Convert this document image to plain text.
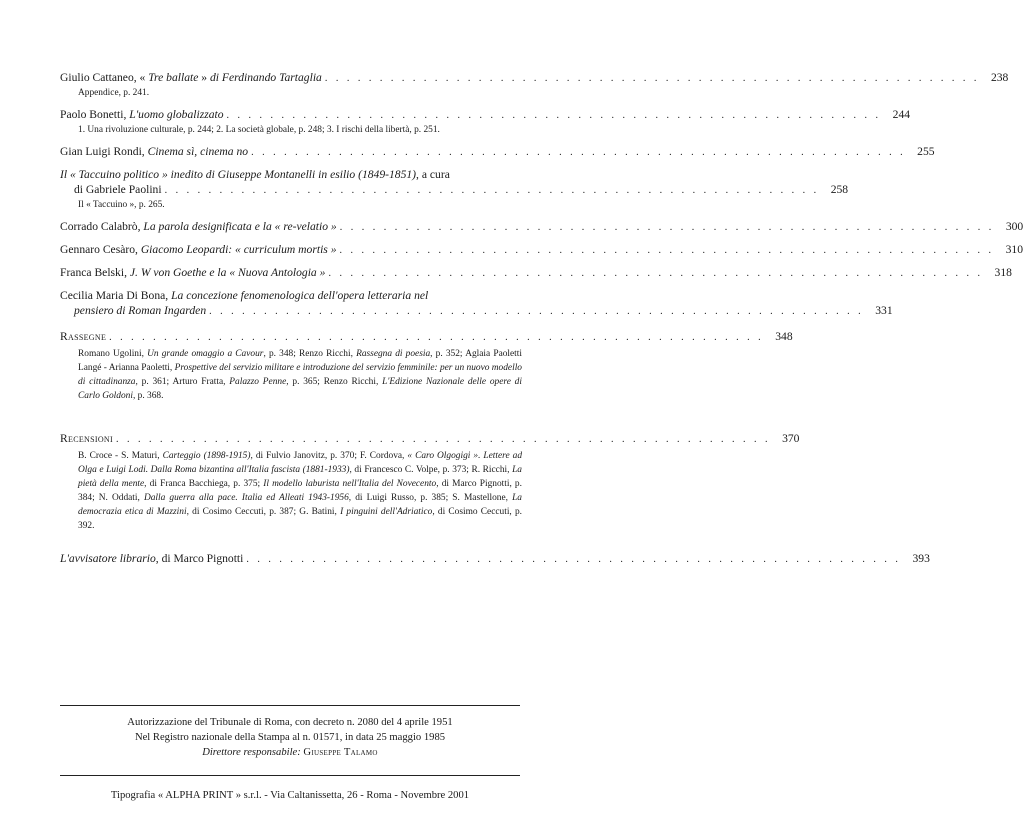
Giulio Cattaneo, « Tre ballate » di Ferdinando Tartaglia . . .	238
Appendice, p. 241.
Paolo Bonetti, L'uomo globalizzato . . .	244
1. Una rivoluzione culturale, p. 244; 2. La società globale, p. 248; 3. I rischi della libertà, p. 251.
Gian Luigi Rondi, Cinema sì, cinema no . . .	255
Il « Taccuino politico » inedito di Giuseppe Montanelli in esilio (1849-1851), a cura
di Gabriele Paolini . . .	258
Il « Taccuino », p. 265.
Corrado Calabrò, La parola designificata e la « re-velatio » . . .	300
Gennaro Cesàro, Giacomo Leopardi: « curriculum mortis » . . .	310
Franca Belski, J. W von Goethe e la « Nuova Antologia » . . .	318
Cecilia Maria Di Bona, La concezione fenomenologica dell'opera letteraria nel
pensiero di Roman Ingarden . . .	331
Rassegne . . .	348
Romano Ugolini, Un grande omaggio a Cavour, p. 348; Renzo Ricchi, Rassegna di poesia, p. 352; Aglaia Paoletti Langé - Arianna Paoletti, Prospettive del servizio militare e introduzione del servizio femminile: per un nuovo modello di cittadinanza, p. 361; Arturo Fratta, Palazzo Penne, p. 365; Renzo Ricchi, L'Edizione Nazionale delle opere di Carlo Goldoni, p. 368.
Recensioni . . .	370
B. Croce - S. Maturi, Carteggio (1898-1915), di Fulvio Janovitz, p. 370; F. Cordova, « Caro Olgogigi ». Lettere ad Olga e Luigi Lodi. Dalla Roma bizantina all'Italia fascista (1881-1933), di Francesco C. Volpe, p. 373; R. Ricchi, La pietà della mente, di Franca Bacchiega, p. 375; Il modello laburista nell'Italia del Novecento, di Marco Pignotti, p. 384; N. Oddati, Dalla guerra alla pace. Italia ed Alleati 1943-1956, di Luigi Russo, p. 385; S. Mastellone, La democrazia etica di Mazzini, di Cosimo Ceccuti, p. 387; G. Batini, I pinguini dell'Adriatico, di Cosimo Ceccuti, p. 392.
L'avvisatore librario, di Marco Pignotti . . .	393
Autorizzazione del Tribunale di Roma, con decreto n. 2080 del 4 aprile 1951
Nel Registro nazionale della Stampa al n. 01571, in data 25 maggio 1985
Direttore responsabile: Giuseppe Talamo
Tipografia « ALPHA PRINT » s.r.l. - Via Caltanissetta, 26 - Roma - Novembre 2001
